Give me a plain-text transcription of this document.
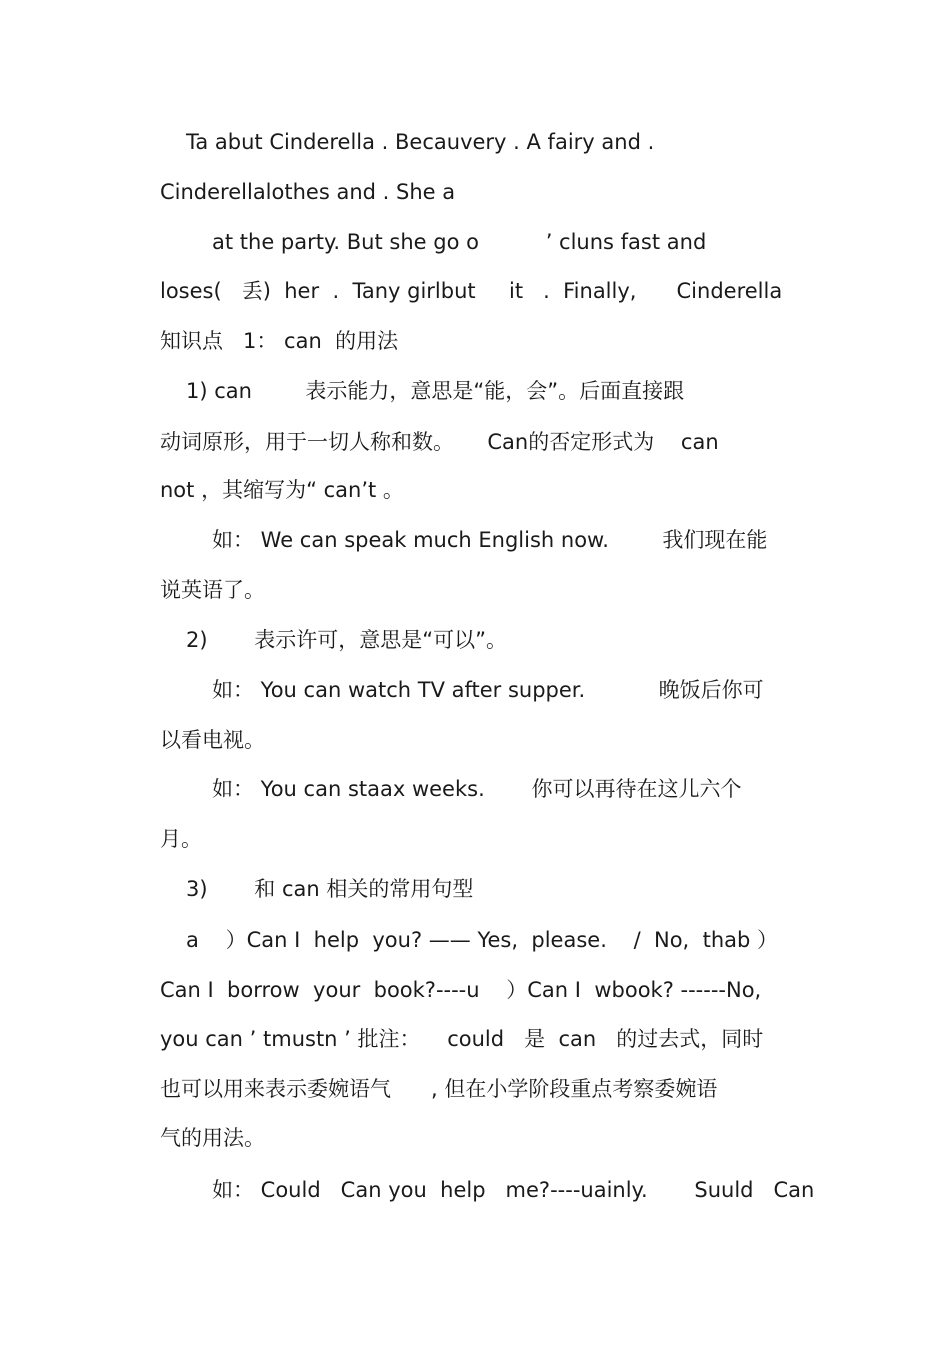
Ta abut Cinderella . Becauvery . A fairy and .
Cinderellalothes and . She a
at the party. But she go o          ’ cluns fast and
loses(   丢)  her  .  Tany girlbut     it   .  Finally,      Cinderella
知识点   1： can  的用法
1) can        表示能力，意思是“能，会”。后面直接跟
动词原形，用于一切人称和数。     Can的否定形式为    can
not ，其缩写为“ can’t 。
如： We can speak much English now.        我们现在能
说英语了。
2)       表示许可，意思是“可以”。
如： You can watch TV after supper.           晚饭后你可
以看电视。
如： You can staax weeks.       你可以再待在这儿六个
月。
3)       和 can 相关的常用句型
a    ）Can I  help  you? —— Yes,  please.    /  No,  thab ）
Can I  borrow  your  book?----u    ）Can I  wbook? ------No,
you can ’ tmustn ’ 批注：    could   是  can   的过去式，同时
也可以用来表示委婉语气      , 但在小学阶段重点考察委婉语
气的用法。
如： Could   Can you  help   me?----uainly.       Suuld   Can
